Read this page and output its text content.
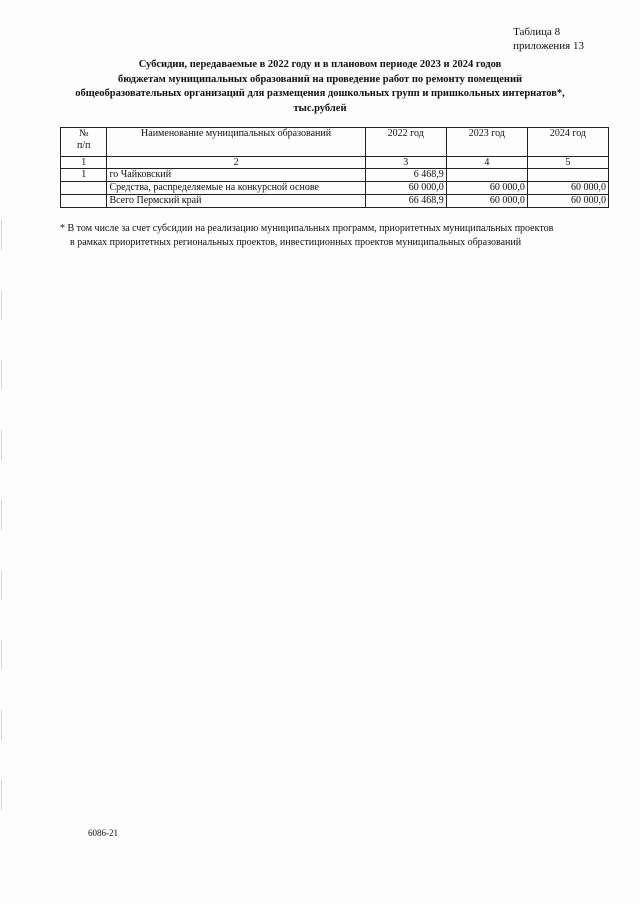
Таблица 8
приложения 13
Субсидии, передаваемые в 2022 году и в плановом периоде 2023 и 2024 годов
бюджетам муниципальных образований на проведение работ по ремонту помещений
общеобразовательных организаций для размещения дошкольных групп и пришкольных интернатов*,
тыс.рублей
№
п/п	Наименование муниципальных образований	2022 год	2023 год	2024 год
1	2	3	4	5
1	го Чайковский	6 468,9		
	Средства, распределяемые на конкурсной основе	60 000,0	60 000,0	60 000,0
	Всего Пермский край	66 468,9	60 000,0	60 000,0
* В том числе за счет субсидии на реализацию муниципальных программ, приоритетных муниципальных проектов
в рамках приоритетных региональных проектов, инвестиционных проектов муниципальных образований
6086-21
